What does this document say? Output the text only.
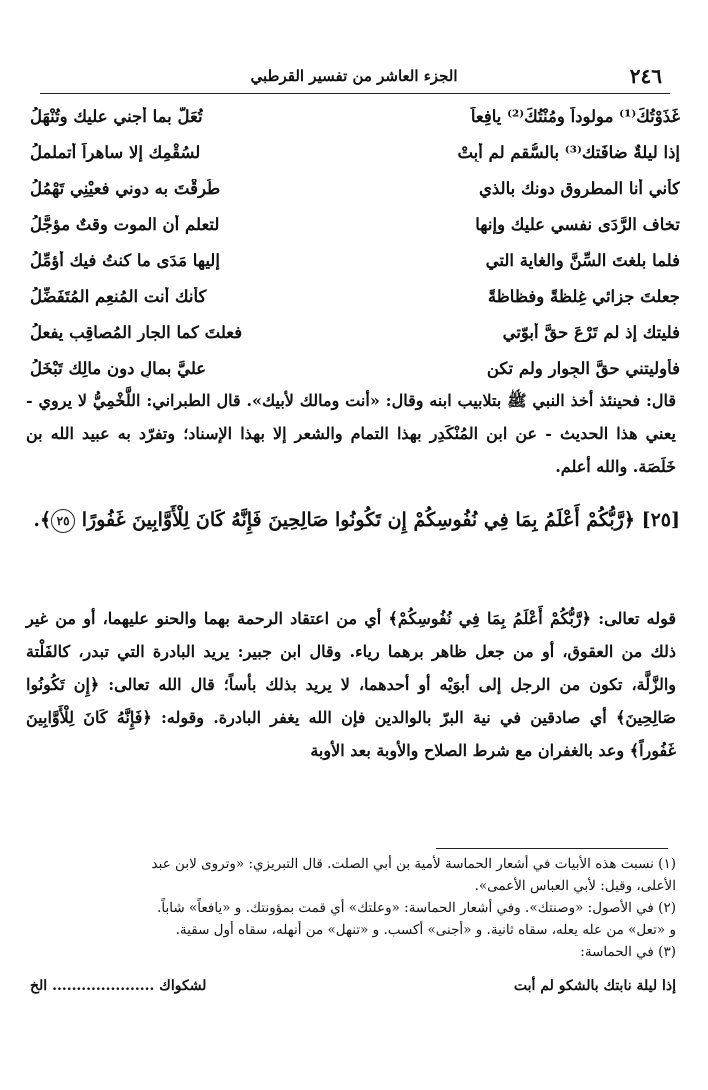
٢٤٦
الجزء العاشر من تفسير القرطبي
غَذَوْتُكَ⁽¹⁾ مولوداً ومُنْتُكَ⁽²⁾ يافِعاً
تُعَلُّ بما أجني عليك وتُنْهَلُ
إذا ليلةٌ ضافَتك⁽³⁾ بالسُّقم لم أبِتْ
لسُقْمِك إلا ساهراً أتململُ
كأني أنا المطروق دونك بالذي
طُرِقْتَ به دوني فعيْنِي تَهْمُلُ
تخاف الرَّدَى نفسي عليك وإنها
لتعلم أن الموت وقتٌ مؤجَّلُ
فلما بلغتَ السِّنَّ والغاية التي
إليها مَدَى ما كنتُ فيك أؤمِّلُ
جعلتَ جزائي غِلظةً وفظاظةً
كأنك أنت المُنعِم المُتَفَضِّلُ
فليتك إذ لم تَرْعَ حقَّ أُبوّتي
فعلتَ كما الجار المُصاقِب يفعلُ
فأوليتني حقَّ الجِوار ولم تكن
عليَّ بمالٍ دون مالِك تَبْخَلُ
قال: فحينئذ أخذ النبي ﷺ بتلابيب ابنه وقال: «أنت ومالك لأبيك». قال الطبراني: اللَّخْمِيُّ لا يروي - يعني هذا الحديث - عن ابن المُنْكَدِر بهذا التمام والشعر إلا بهذا الإسناد؛ وتفرّد به عبيد الله بن خَلَصَة. والله أعلم.
[٢٥] ﴿رَّبُّكُمْ أَعْلَمُ بِمَا فِي نُفُوسِكُمْ إِن تَكُونُوا صَالِحِينَ فَإِنَّهُ كَانَ لِلْأَوَّابِينَ غَفُورًا ٢٥﴾.
قوله تعالى: ﴿رَّبُّكُمْ أَعْلَمُ بِمَا فِي نُفُوسِكُمْ﴾ أي من اعتقاد الرحمة بهما والحنو عليهما، أو من غير ذلك من العقوق، أو من جعل ظاهر برهما رياء. وقال ابن جبير: يريد البادرة التي تبدر، كالفَلْتة والزَّلَّة، تكون من الرجل إلى أبوَيْه أو أحدهما، لا يريد بذلك بأساً؛ قال الله تعالى: ﴿إِن تَكُونُوا صَالِحِينَ﴾ أي صادقين في نية البرّ بالوالدين فإن الله يغفر البادرة. وقوله: ﴿فَإِنَّهُ كَانَ لِلْأَوَّابِينَ غَفُوراً﴾ وعد بالغفران مع شرط الصلاح والأوبة بعد الأوبة
(١) نسبت هذه الأبيات في أشعار الحماسة لأمية بن أبي الصلت. قال التبريزي: «وتروى لابن عبد
الأعلى، وقيل: لأبي العباس الأعمى».
(٢) في الأصول: «وصنتك». وفي أشعار الحماسة: «وعلتك» أي قمت بمؤونتك. و «يافعاً» شاباً.
و «تعل» من عله يعله، سقاه ثانية. و «أجنى» أكسب. و «تنهل» من أنهله، سقاه أول سقية.
(٣) في الحماسة:
إذا ليلة نابتك بالشكو لم أبت
لشكواك ..................... الخ
